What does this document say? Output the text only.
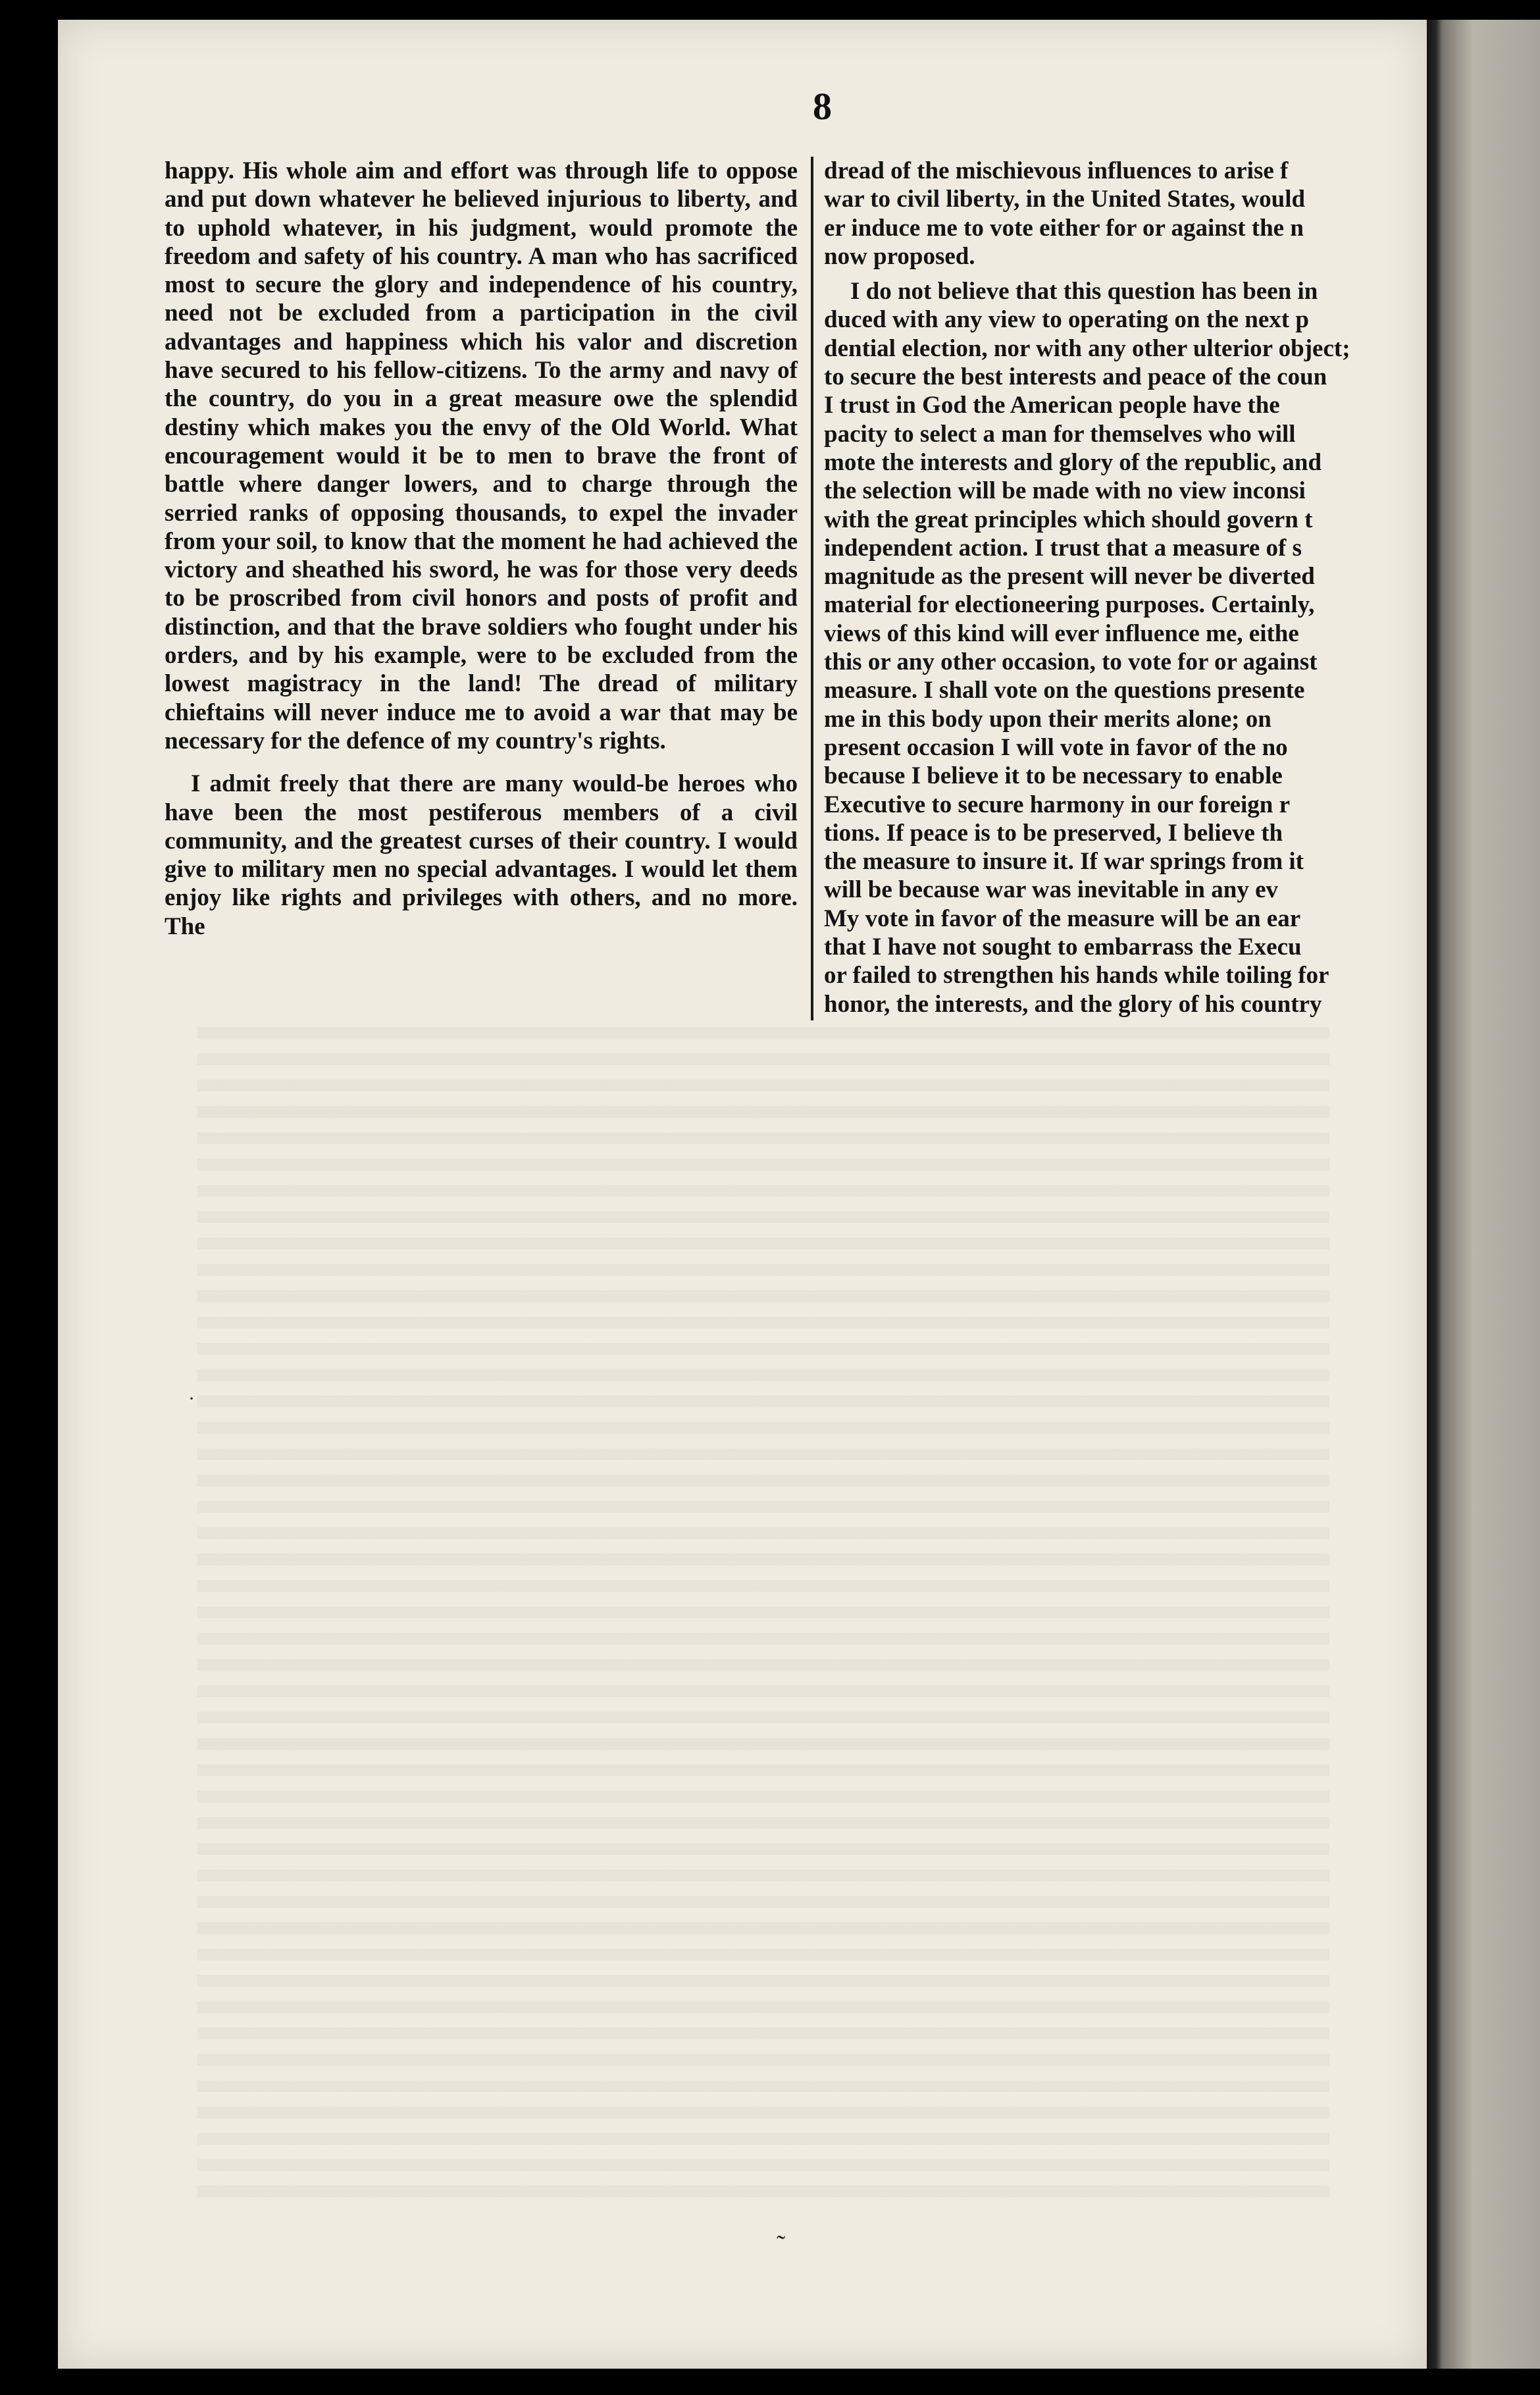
8

happy. His whole aim and effort was through life to oppose and put down whatever he believed injurious to liberty, and to uphold whatever, in his judgment, would promote the freedom and safety of his country. A man who has sacrificed most to secure the glory and independence of his country, need not be excluded from a participation in the civil advantages and happiness which his valor and discretion have secured to his fellow-citizens. To the army and navy of the country, do you in a great measure owe the splendid destiny which makes you the envy of the Old World. What encouragement would it be to men to brave the front of battle where danger lowers, and to charge through the serried ranks of opposing thousands, to expel the invader from your soil, to know that the moment he had achieved the victory and sheathed his sword, he was for those very deeds to be proscribed from civil honors and posts of profit and distinction, and that the brave soldiers who fought under his orders, and by his example, were to be excluded from the lowest magistracy in the land! The dread of military chieftains will never induce me to avoid a war that may be necessary for the defence of my country's rights.

I admit freely that there are many would-be heroes who have been the most pestiferous members of a civil community, and the greatest curses of their country. I would give to military men no special advantages. I would let them enjoy like rights and privileges with others, and no more. The

dread of the mischievous influences to arise f
war to civil liberty, in the United States, would
er induce me to vote either for or against the n
now proposed.
I do not believe that this question has been in
duced with any view to operating on the next p
dential election, nor with any other ulterior object;
to secure the best interests and peace of the coun
I trust in God the American people have the
pacity to select a man for themselves who will
mote the interests and glory of the republic, and
the selection will be made with no view inconsi
with the great principles which should govern t
independent action. I trust that a measure of s
magnitude as the present will never be diverted
material for electioneering purposes. Certainly,
views of this kind will ever influence me, eithe
this or any other occasion, to vote for or against
measure. I shall vote on the questions presente
me in this body upon their merits alone; on
present occasion I will vote in favor of the no
because I believe it to be necessary to enable
Executive to secure harmony in our foreign r
tions. If peace is to be preserved, I believe th
the measure to insure it. If war springs from it
will be because war was inevitable in any ev
My vote in favor of the measure will be an ear
that I have not sought to embarrass the Execu
or failed to strengthen his hands while toiling for
honor, the interests, and the glory of his country
˜
·
